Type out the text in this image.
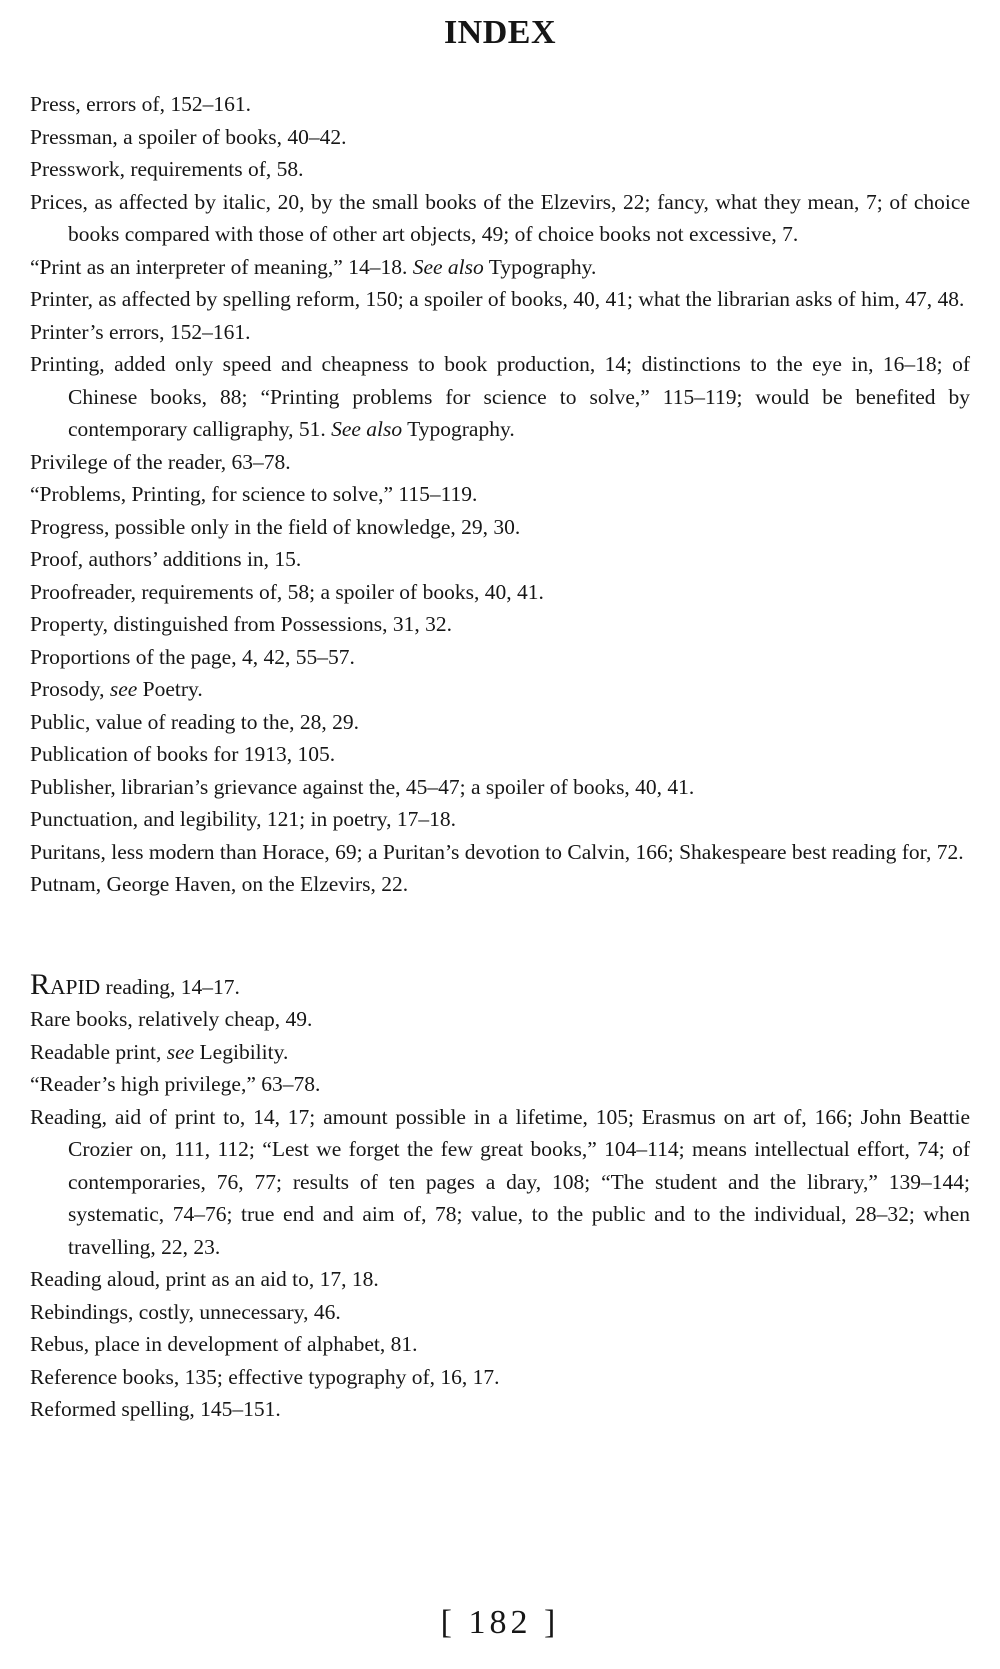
INDEX

Press, errors of, 152–161.

Pressman, a spoiler of books, 40–42.

Presswork, requirements of, 58.

Prices, as affected by italic, 20, by the small books of the Elzevirs, 22; fancy, what they mean, 7; of choice books compared with those of other art objects, 49; of choice books not excessive, 7.

“Print as an interpreter of meaning,” 14–18. See also Typography.

Printer, as affected by spelling reform, 150; a spoiler of books, 40, 41; what the librarian asks of him, 47, 48.

Printer’s errors, 152–161.

Printing, added only speed and cheapness to book production, 14; distinctions to the eye in, 16–18; of Chinese books, 88; “Printing problems for science to solve,” 115–119; would be benefited by contemporary calligraphy, 51. See also Typography.

Privilege of the reader, 63–78.

“Problems, Printing, for science to solve,” 115–119.

Progress, possible only in the field of knowledge, 29, 30.

Proof, authors’ additions in, 15.

Proofreader, requirements of, 58; a spoiler of books, 40, 41.

Property, distinguished from Possessions, 31, 32.

Proportions of the page, 4, 42, 55–57.

Prosody, see Poetry.

Public, value of reading to the, 28, 29.

Publication of books for 1913, 105.

Publisher, librarian’s grievance against the, 45–47; a spoiler of books, 40, 41.

Punctuation, and legibility, 121; in poetry, 17–18.

Puritans, less modern than Horace, 69; a Puritan’s devotion to Calvin, 166; Shakespeare best reading for, 72.

Putnam, George Haven, on the Elzevirs, 22.

RAPID reading, 14–17.

Rare books, relatively cheap, 49.

Readable print, see Legibility.

“Reader’s high privilege,” 63–78.

Reading, aid of print to, 14, 17; amount possible in a lifetime, 105; Erasmus on art of, 166; John Beattie Crozier on, 111, 112; “Lest we forget the few great books,” 104–114; means intellectual effort, 74; of contemporaries, 76, 77; results of ten pages a day, 108; “The student and the library,” 139–144; systematic, 74–76; true end and aim of, 78; value, to the public and to the individual, 28–32; when travelling, 22, 23.

Reading aloud, print as an aid to, 17, 18.

Rebindings, costly, unnecessary, 46.

Rebus, place in development of alphabet, 81.

Reference books, 135; effective typography of, 16, 17.

Reformed spelling, 145–151.

[ 182 ]
